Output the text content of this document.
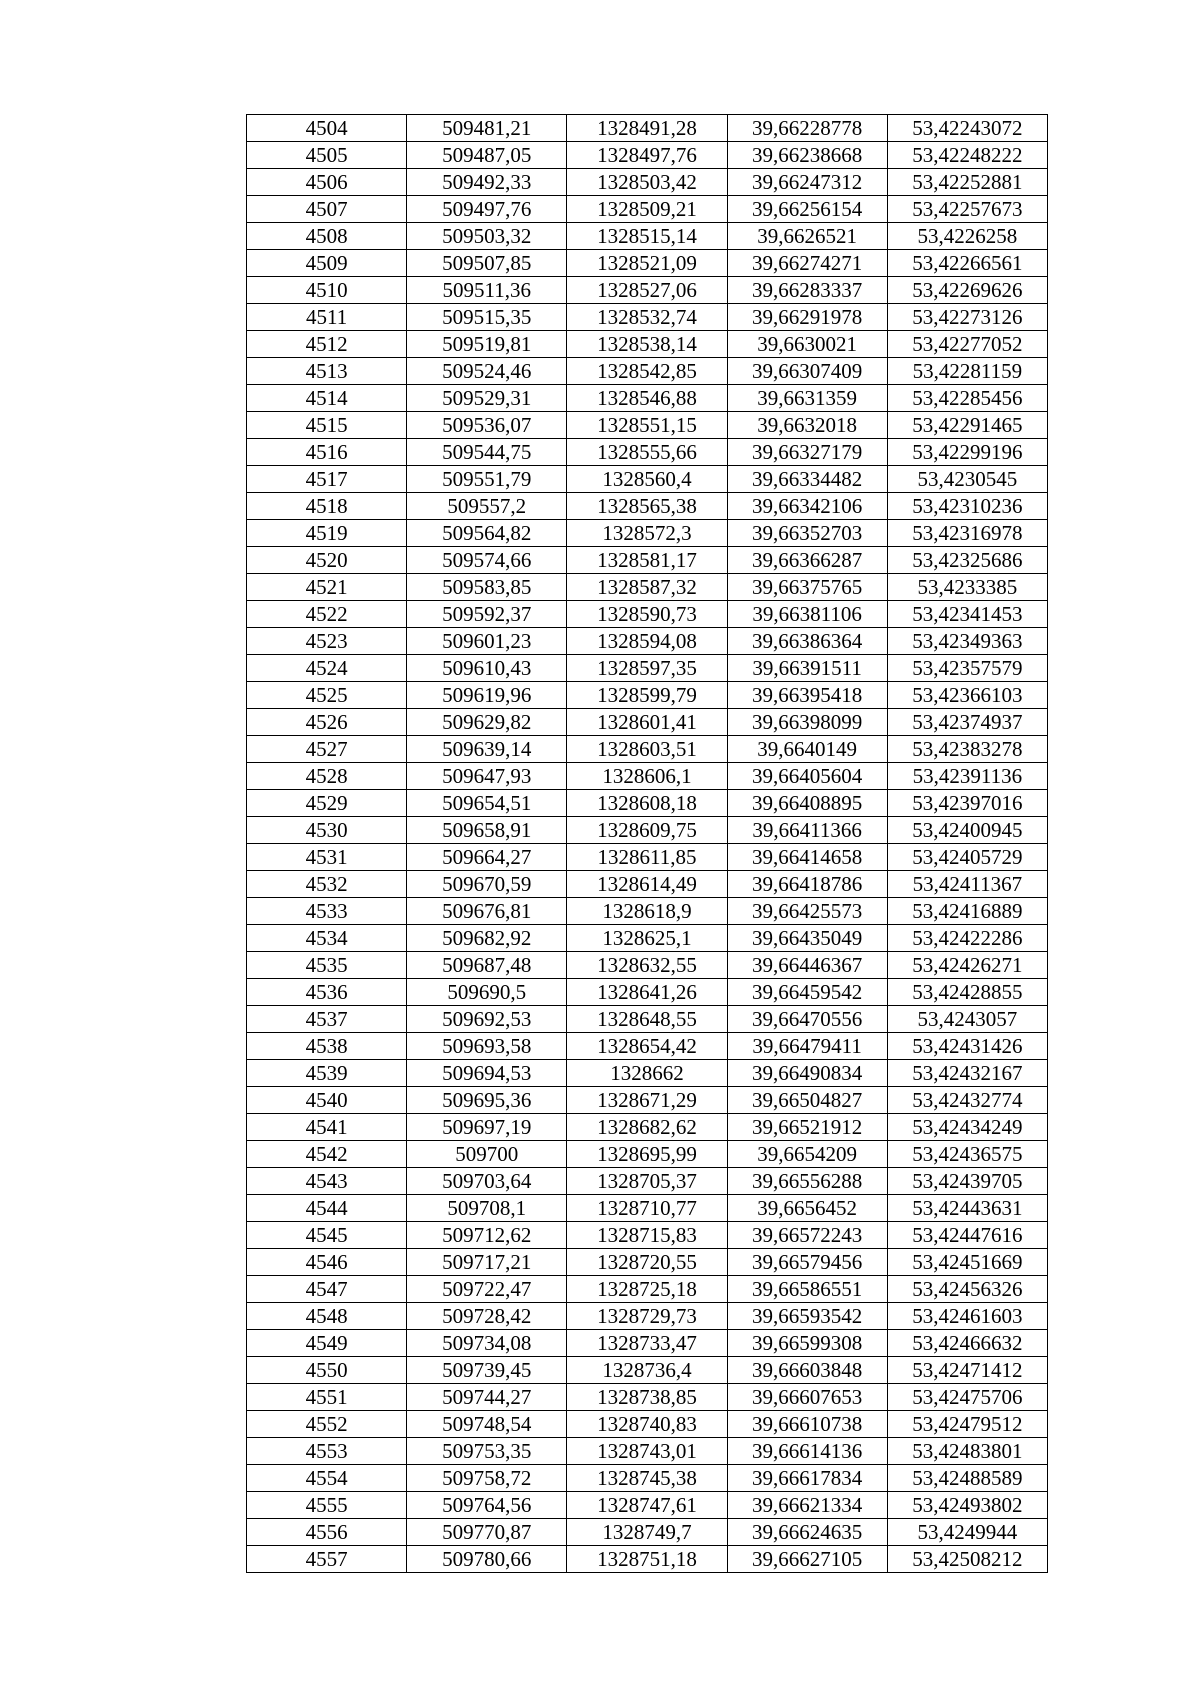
4504	509481,21	1328491,28	39,66228778	53,42243072
4505	509487,05	1328497,76	39,66238668	53,42248222
4506	509492,33	1328503,42	39,66247312	53,42252881
4507	509497,76	1328509,21	39,66256154	53,42257673
4508	509503,32	1328515,14	39,6626521	53,4226258
4509	509507,85	1328521,09	39,66274271	53,42266561
4510	509511,36	1328527,06	39,66283337	53,42269626
4511	509515,35	1328532,74	39,66291978	53,42273126
4512	509519,81	1328538,14	39,6630021	53,42277052
4513	509524,46	1328542,85	39,66307409	53,42281159
4514	509529,31	1328546,88	39,6631359	53,42285456
4515	509536,07	1328551,15	39,6632018	53,42291465
4516	509544,75	1328555,66	39,66327179	53,42299196
4517	509551,79	1328560,4	39,66334482	53,4230545
4518	509557,2	1328565,38	39,66342106	53,42310236
4519	509564,82	1328572,3	39,66352703	53,42316978
4520	509574,66	1328581,17	39,66366287	53,42325686
4521	509583,85	1328587,32	39,66375765	53,4233385
4522	509592,37	1328590,73	39,66381106	53,42341453
4523	509601,23	1328594,08	39,66386364	53,42349363
4524	509610,43	1328597,35	39,66391511	53,42357579
4525	509619,96	1328599,79	39,66395418	53,42366103
4526	509629,82	1328601,41	39,66398099	53,42374937
4527	509639,14	1328603,51	39,6640149	53,42383278
4528	509647,93	1328606,1	39,66405604	53,42391136
4529	509654,51	1328608,18	39,66408895	53,42397016
4530	509658,91	1328609,75	39,66411366	53,42400945
4531	509664,27	1328611,85	39,66414658	53,42405729
4532	509670,59	1328614,49	39,66418786	53,42411367
4533	509676,81	1328618,9	39,66425573	53,42416889
4534	509682,92	1328625,1	39,66435049	53,42422286
4535	509687,48	1328632,55	39,66446367	53,42426271
4536	509690,5	1328641,26	39,66459542	53,42428855
4537	509692,53	1328648,55	39,66470556	53,4243057
4538	509693,58	1328654,42	39,66479411	53,42431426
4539	509694,53	1328662	39,66490834	53,42432167
4540	509695,36	1328671,29	39,66504827	53,42432774
4541	509697,19	1328682,62	39,66521912	53,42434249
4542	509700	1328695,99	39,6654209	53,42436575
4543	509703,64	1328705,37	39,66556288	53,42439705
4544	509708,1	1328710,77	39,6656452	53,42443631
4545	509712,62	1328715,83	39,66572243	53,42447616
4546	509717,21	1328720,55	39,66579456	53,42451669
4547	509722,47	1328725,18	39,66586551	53,42456326
4548	509728,42	1328729,73	39,66593542	53,42461603
4549	509734,08	1328733,47	39,66599308	53,42466632
4550	509739,45	1328736,4	39,66603848	53,42471412
4551	509744,27	1328738,85	39,66607653	53,42475706
4552	509748,54	1328740,83	39,66610738	53,42479512
4553	509753,35	1328743,01	39,66614136	53,42483801
4554	509758,72	1328745,38	39,66617834	53,42488589
4555	509764,56	1328747,61	39,66621334	53,42493802
4556	509770,87	1328749,7	39,66624635	53,4249944
4557	509780,66	1328751,18	39,66627105	53,42508212
